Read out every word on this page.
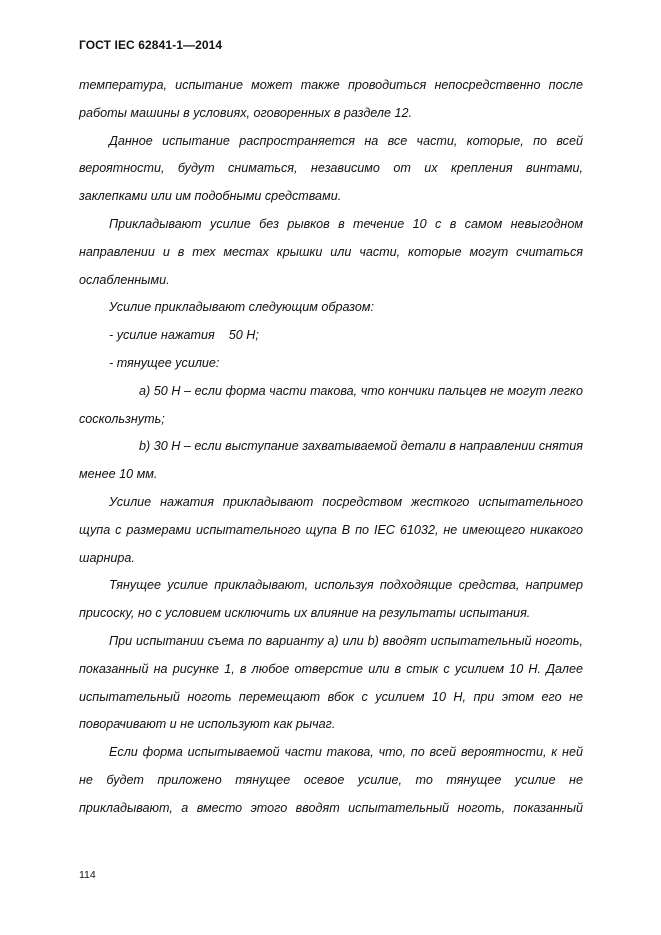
ГОСТ IEC 62841-1—2014

температура, испытание может также проводиться непосредственно после работы машины в условиях, оговоренных в разделе 12.

Данное испытание распространяется на все части, которые, по всей вероятности, будут сниматься, независимо от их крепления винтами, заклепками или им подобными средствами.

Прикладывают усилие без рывков в течение 10 с в самом невыгодном направлении и в тех местах крышки или части, которые могут считаться ослабленными.

Усилие прикладывают следующим образом:

- усилие нажатия    50 Н;

- тянущее усилие:

a) 50 Н – если форма части такова, что кончики пальцев не могут легко соскользнуть;

b) 30 Н – если выступание захватываемой детали в направлении снятия менее 10 мм.

Усилие нажатия прикладывают посредством жесткого испытательного щупа с размерами испытательного щупа В по IEC 61032, не имеющего никакого шарнира.

Тянущее усилие прикладывают, используя подходящие средства, например присоску, но с условием исключить их влияние на результаты испытания.

При испытании съема по варианту a) или b) вводят испытательный ноготь, показанный на рисунке 1, в любое отверстие или в стык с усилием 10 Н. Далее испытательный ноготь перемещают вбок с усилием 10 Н, при этом его не поворачивают и не используют как рычаг.

Если форма испытываемой части такова, что, по всей вероятности, к ней не будет приложено тянущее осевое усилие, то тянущее усилие не прикладывают, а вместо этого вводят испытательный ноготь, показанный

114
